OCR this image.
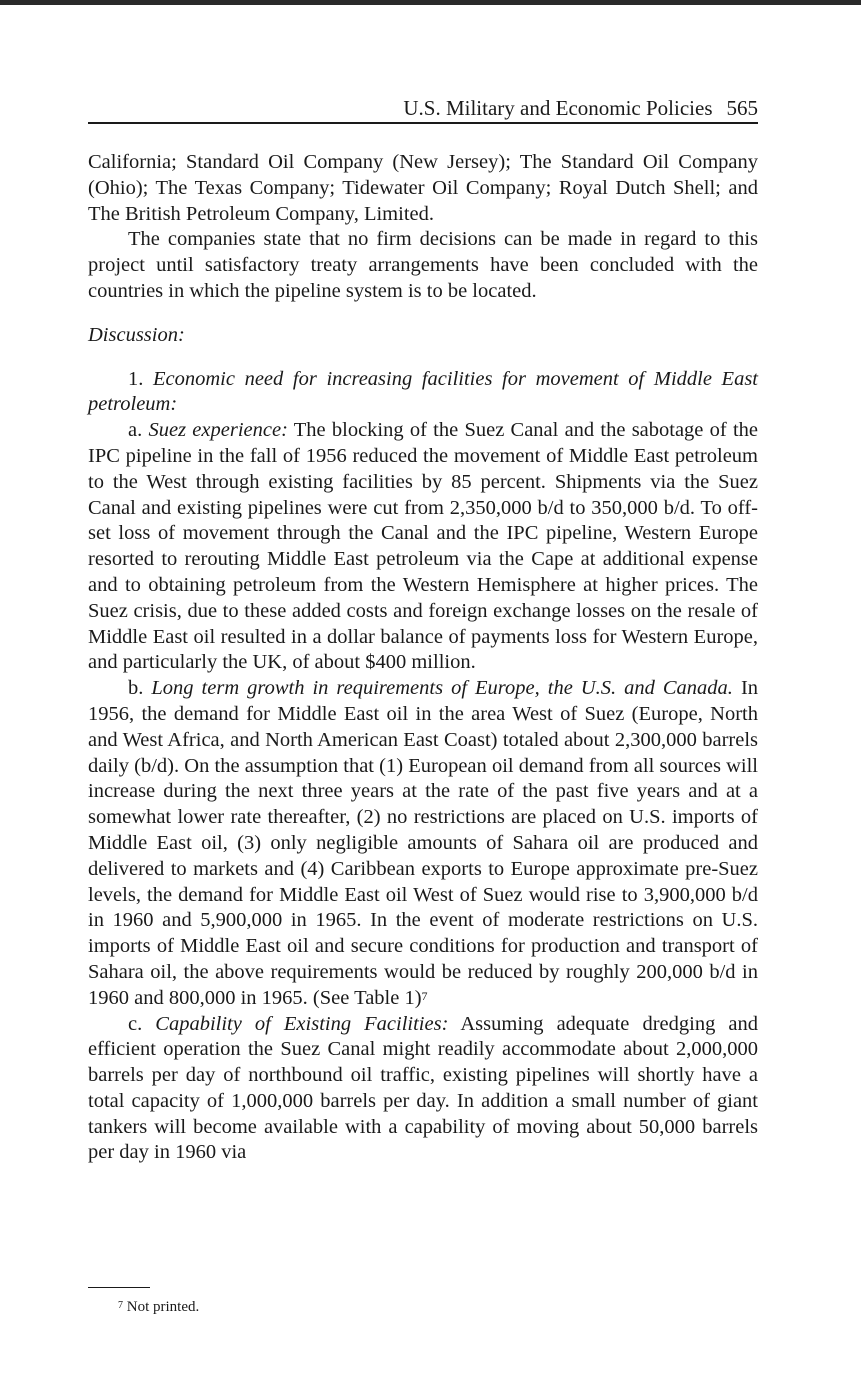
U.S. Military and Economic Policies 565

California; Standard Oil Company (New Jersey); The Standard Oil Company (Ohio); The Texas Company; Tidewater Oil Company; Royal Dutch Shell; and The British Petroleum Company, Limited.

The companies state that no firm decisions can be made in regard to this project until satisfactory treaty arrangements have been concluded with the countries in which the pipeline system is to be located.

Discussion:

1. Economic need for increasing facilities for movement of Middle East petroleum:

a. Suez experience: The blocking of the Suez Canal and the sabotage of the IPC pipeline in the fall of 1956 reduced the movement of Middle East petroleum to the West through existing facilities by 85 percent. Shipments via the Suez Canal and existing pipelines were cut from 2,350,000 b/d to 350,000 b/d. To off-set loss of movement through the Canal and the IPC pipeline, Western Europe resorted to rerouting Middle East petroleum via the Cape at additional expense and to obtaining petroleum from the Western Hemisphere at higher prices. The Suez crisis, due to these added costs and foreign exchange losses on the resale of Middle East oil resulted in a dollar balance of payments loss for Western Europe, and particularly the UK, of about $400 million.

b. Long term growth in requirements of Europe, the U.S. and Canada. In 1956, the demand for Middle East oil in the area West of Suez (Europe, North and West Africa, and North American East Coast) totaled about 2,300,000 barrels daily (b/d). On the assumption that (1) European oil demand from all sources will increase during the next three years at the rate of the past five years and at a somewhat lower rate thereafter, (2) no restrictions are placed on U.S. imports of Middle East oil, (3) only negligible amounts of Sahara oil are produced and delivered to markets and (4) Caribbean exports to Europe approximate pre-Suez levels, the demand for Middle East oil West of Suez would rise to 3,900,000 b/d in 1960 and 5,900,000 in 1965. In the event of moderate restrictions on U.S. imports of Middle East oil and secure conditions for production and transport of Sahara oil, the above requirements would be reduced by roughly 200,000 b/d in 1960 and 800,000 in 1965. (See Table 1)$^7$

c. Capability of Existing Facilities: Assuming adequate dredging and efficient operation the Suez Canal might readily accommodate about 2,000,000 barrels per day of northbound oil traffic, existing pipelines will shortly have a total capacity of 1,000,000 barrels per day. In addition a small number of giant tankers will become available with a capability of moving about 50,000 barrels per day in 1960 via

$^7$ Not printed.
